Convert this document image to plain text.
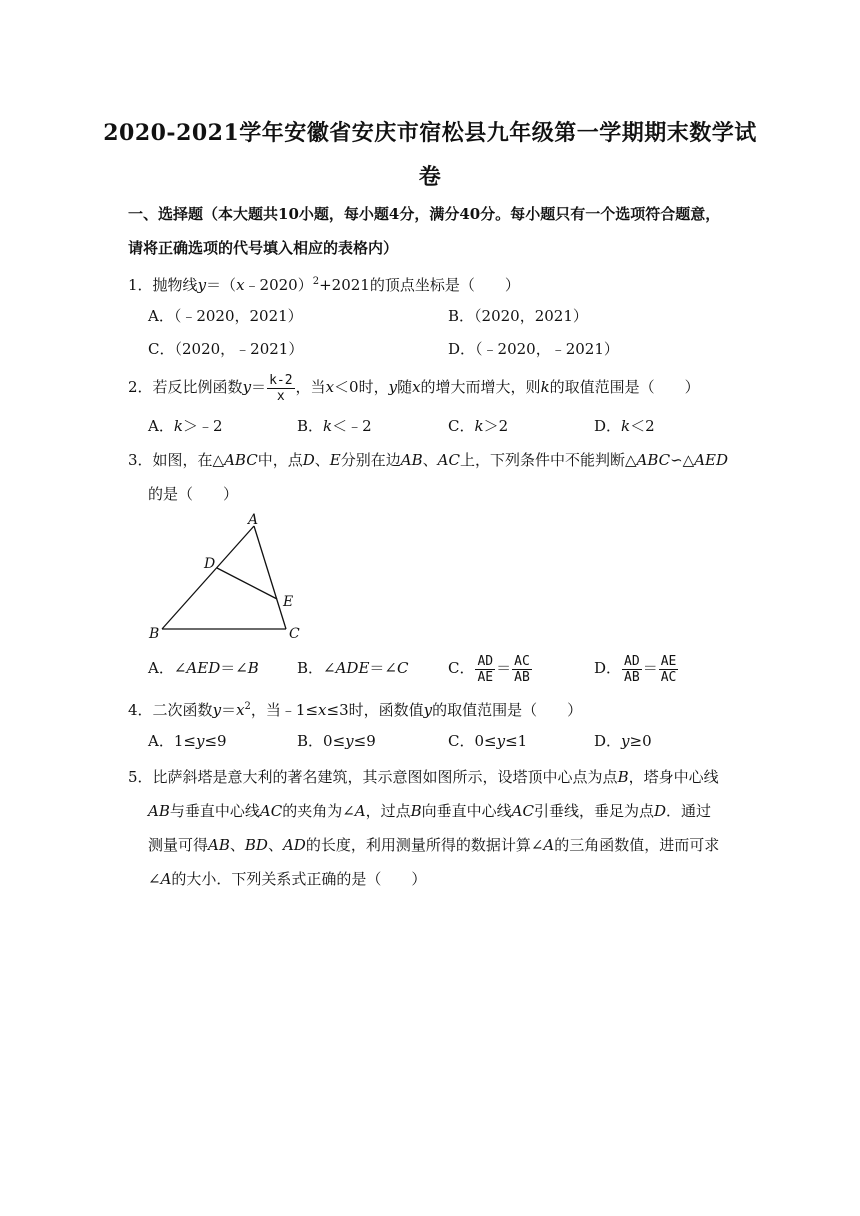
2020-2021学年安徽省安庆市宿松县九年级第一学期期末数学试
卷
一、选择题（本大题共10小题，每小题4分，满分40分。每小题只有一个选项符合题意，
请将正确选项的代号填入相应的表格内）
1．抛物线y＝（x﹣2020）$^2$+2021的顶点坐标是（　　）
A．（﹣2020，2021）	B．（2020，2021）
C．（2020，﹣2021）	D．（﹣2020，﹣2021）
2．若反比例函数$y= \frac{k-2}{x}$ ，当x＜0时，y随x的增大而增大，则k的取值范围是（　　）
A．k＞﹣2	B．k＜﹣2	C．k＞2	D．k＜2
3．如图，在△ABC中，点D、E分别在边AB、AC上，下列条件中不能判断△ABC∽△AED
的是（　　）
A
B	C
D
E
A．∠AED＝∠B	B．∠ADE＝∠C	C． $\frac{AD}{AE} = \frac{AC}{AB}$	D． $\frac{AD}{AB} = \frac{AE}{AC}$
4．二次函数$y=x^2$，当﹣1≤x≤3时，函数值y的取值范围是（　　）
A．1≤y≤9	B．0≤y≤9	C．0≤y≤1	D．y≥0
5．比萨斜塔是意大利的著名建筑，其示意图如图所示，设塔顶中心点为点B，塔身中心线
AB与垂直中心线AC的夹角为∠A，过点B向垂直中心线AC引垂线，垂足为点D．通过
测量可得AB、BD、AD的长度，利用测量所得的数据计算∠A的三角函数值，进而可求
∠A的大小．下列关系式正确的是（　　）
